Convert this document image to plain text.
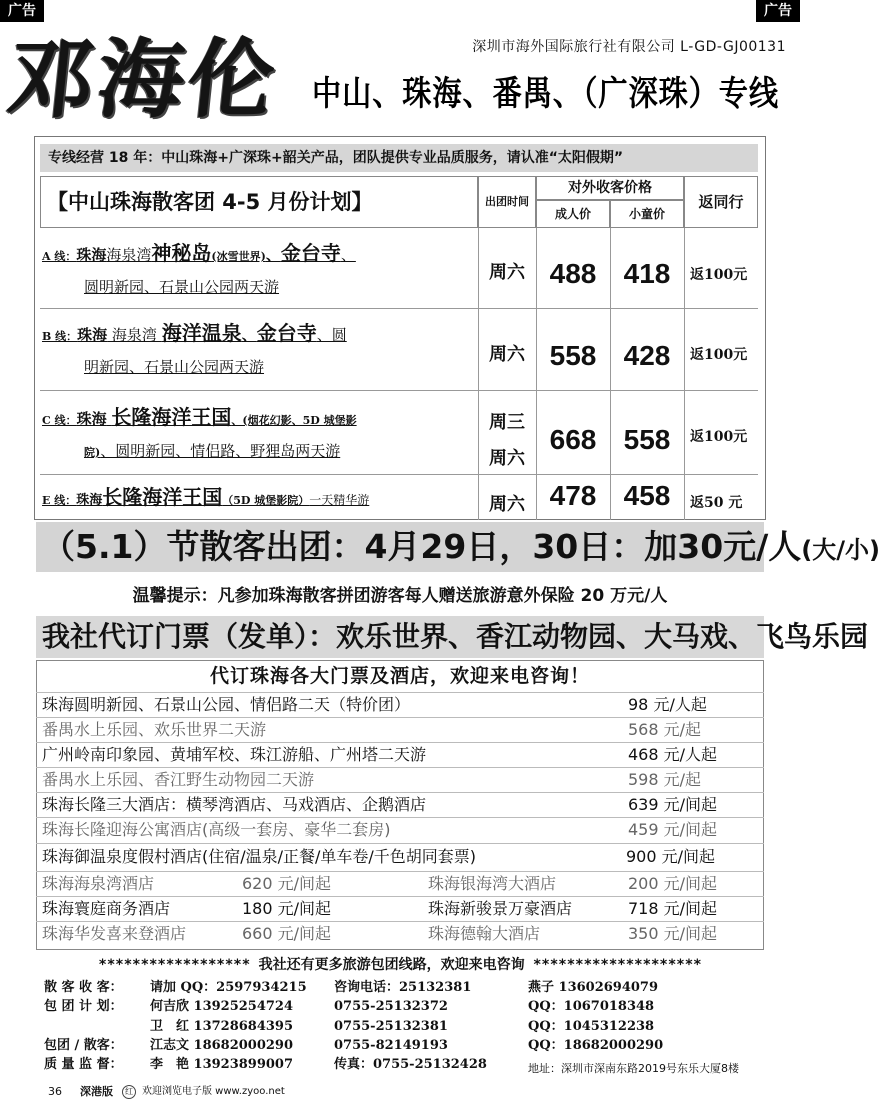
广告	广告
邓海伦	深圳市海外国际旅行社有限公司 L-GD-GJ00131
中山、珠海、番禺、（广深珠）专线
专线经营 18 年：中山珠海+广深珠+韶关产品，团队提供专业品质服务，请认准“太阳假期”
【中山珠海散客团 4-5 月份计划】	出团时间
对外收客价格
成人价	小童价
返同行
A 线：珠海海泉湾神秘岛(冰雪世界)、金台寺、
圆明新园、石景山公园两天游
周六 488 418	返100元
B 线：珠海 海泉湾 海洋温泉、金台寺、圆
明新园、石景山公园两天游
周六 558 428	返100元
C 线：珠海 长隆海洋王国、(烟花幻影、5D 城堡影
院)、圆明新园、情侣路、野狸岛两天游
周三
周六
668 558	返100元
E 线：珠海长隆海洋王国（5D 城堡影院）一天精华游	周六 478 458	返50 元
（5.1）节散客出团：4月29日，30日：加30元/人(大/小)
温馨提示：凡参加珠海散客拼团游客每人赠送旅游意外保险 20 万元/人
我社代订门票（发单）：欢乐世界、香江动物园、大马戏、飞鸟乐园
代订珠海各大门票及酒店，欢迎来电咨询！
珠海圆明新园、石景山公园、情侣路二天（特价团）	98 元/人起
番禺水上乐园、欢乐世界二天游	568 元/起
广州岭南印象园、黄埔军校、珠江游船、广州塔二天游	468 元/人起
番禺水上乐园、香江野生动物园二天游	598 元/起
珠海长隆三大酒店：横琴湾酒店、马戏酒店、企鹅酒店	639 元/间起
珠海长隆迎海公寓酒店(高级一套房、豪华二套房)	459 元/间起
珠海御温泉度假村酒店(住宿/温泉/正餐/单车卷/千色胡同套票)	900 元/间起
珠海海泉湾酒店	620 元/间起	珠海银海湾大酒店	200 元/间起
珠海寰庭商务酒店	180 元/间起	珠海新骏景万豪酒店	718 元/间起
珠海华发喜来登酒店	660 元/间起	珠海德翰大酒店	350 元/间起
****************** 我社还有更多旅游包团线路，欢迎来电咨询 ********************
散 客 收 客： 请加 QQ：2597934215 咨询电话：25132381	燕子 13602694079
包 团 计 划： 何吉欣 13925254724	0755-25132372	QQ：1067018348
卫　红 13728684395	0755-25132381	QQ：1045312238
包团 / 散客： 江志文 18682000290	0755-82149193	QQ：18682000290
质 量 监 督： 李　艳 13923899007	传真：0755-25132428	地址：深圳市深南东路2019号东乐大厦8楼
36 深港版	红 欢迎浏览电子版 www.zyoo.net
